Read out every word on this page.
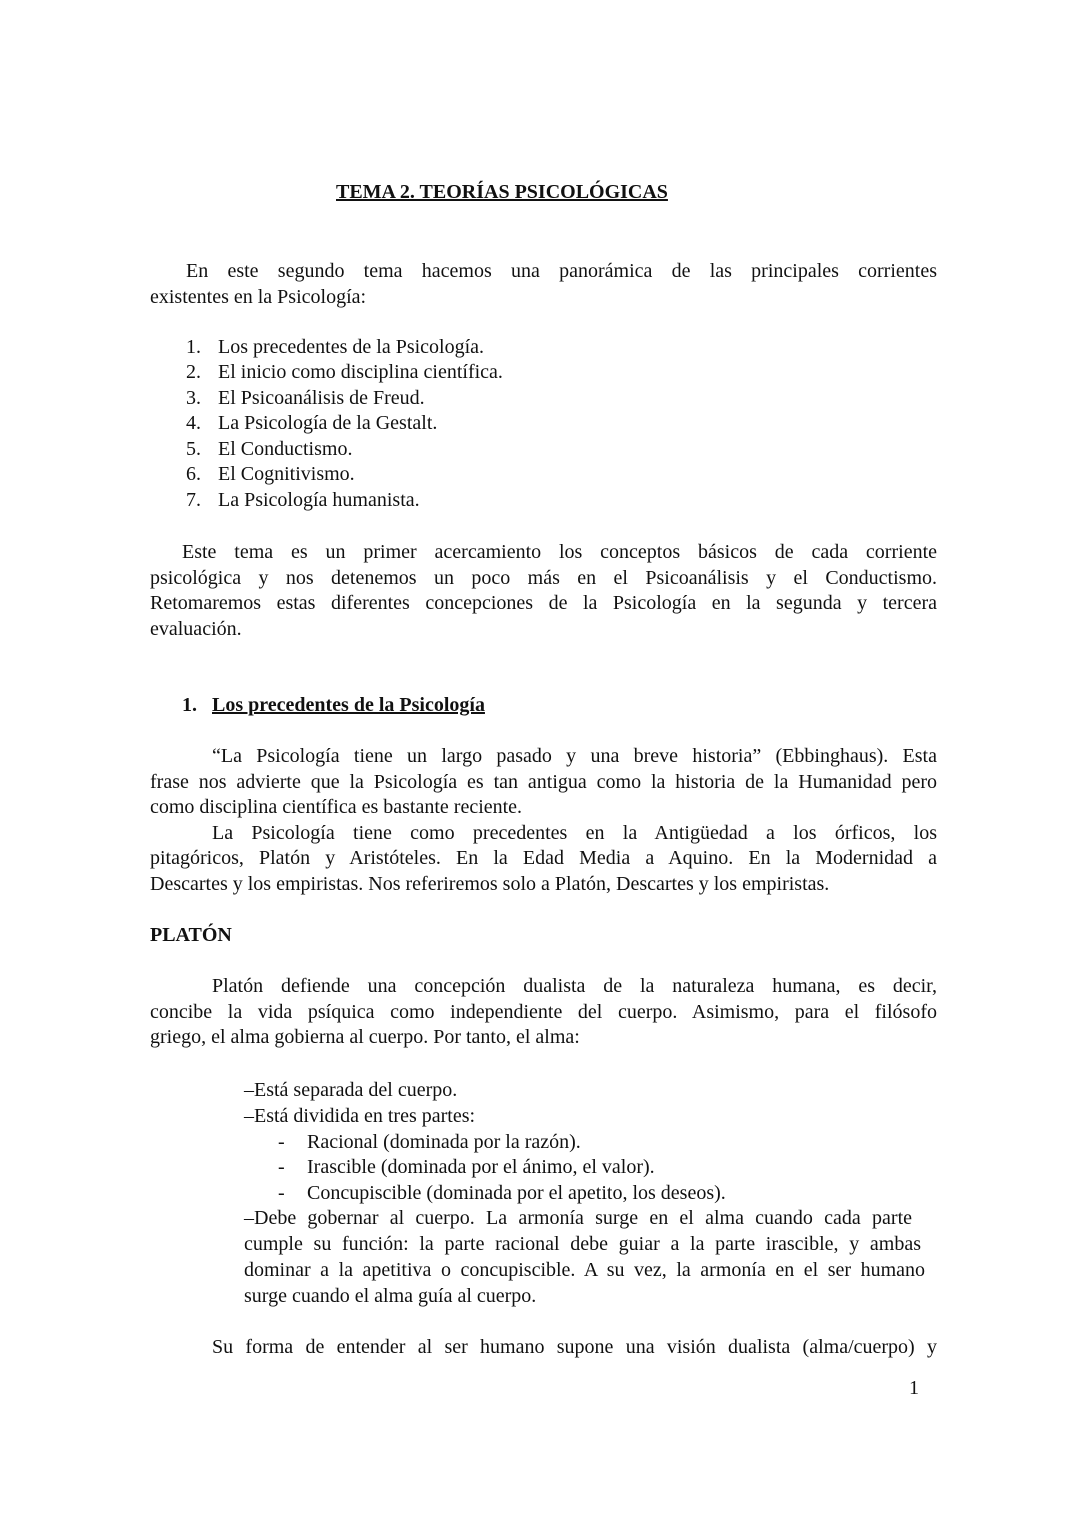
TEMA 2. TEORÍAS PSICOLÓGICAS
En este segundo tema hacemos una panorámica de las principales corrientes
existentes en la Psicología:
1. Los precedentes de la Psicología.
2. El inicio como disciplina científica.
3. El Psicoanálisis de Freud.
4. La Psicología de la Gestalt.
5. El Conductismo.
6. El Cognitivismo.
7. La Psicología humanista.
Este tema es un primer acercamiento los conceptos básicos de cada corriente
psicológica y nos detenemos un poco más en el Psicoanálisis y el Conductismo.
Retomaremos estas diferentes concepciones de la Psicología en la segunda y tercera
evaluación.
1. Los precedentes de la Psicología
“La Psicología tiene un largo pasado y una breve historia” (Ebbinghaus). Esta
frase nos advierte que la Psicología es tan antigua como la historia de la Humanidad pero
como disciplina científica es bastante reciente.
La Psicología tiene como precedentes en la Antigüedad a los órficos, los
pitagóricos, Platón y Aristóteles. En la Edad Media a Aquino. En la Modernidad a
Descartes y los empiristas. Nos referiremos solo a Platón, Descartes y los empiristas.
PLATÓN
Platón defiende una concepción dualista de la naturaleza humana, es decir,
concibe la vida psíquica como independiente del cuerpo. Asimismo, para el filósofo
griego, el alma gobierna al cuerpo. Por tanto, el alma:
–Está separada del cuerpo.
–Está dividida en tres partes:
- Racional (dominada por la razón).
- Irascible (dominada por el ánimo, el valor).
- Concupiscible (dominada por el apetito, los deseos).
–Debe gobernar al cuerpo. La armonía surge en el alma cuando cada parte
cumple su función: la parte racional debe guiar a la parte irascible, y ambas
dominar a la apetitiva o concupiscible. A su vez, la armonía en el ser humano
surge cuando el alma guía al cuerpo.
Su forma de entender al ser humano supone una visión dualista (alma/cuerpo) y
1
